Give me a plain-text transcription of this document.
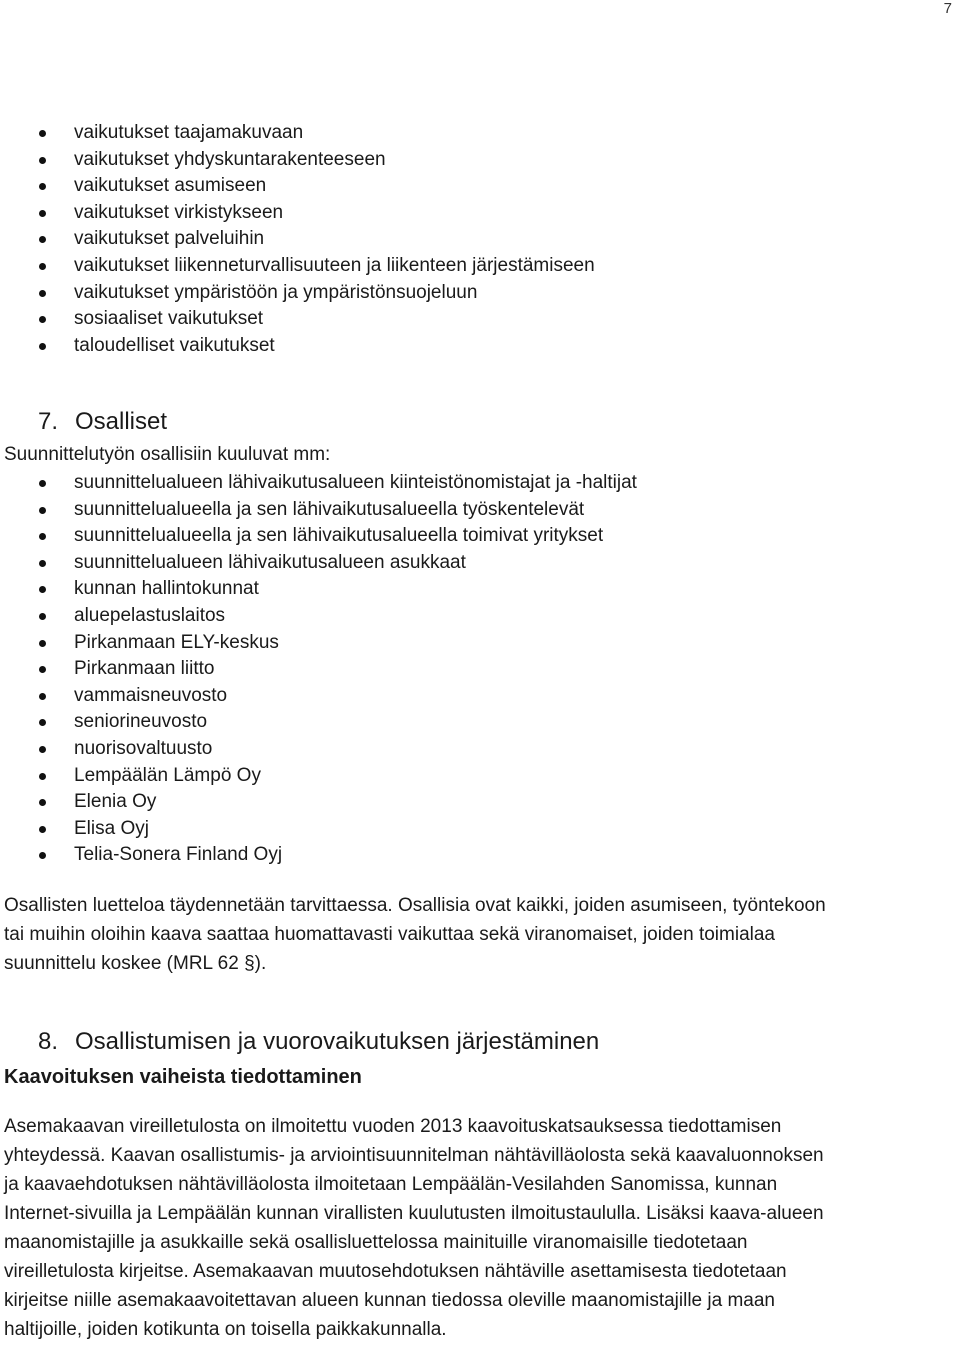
7
vaikutukset taajamakuvaan
vaikutukset yhdyskuntarakenteeseen
vaikutukset asumiseen
vaikutukset virkistykseen
vaikutukset palveluihin
vaikutukset liikenneturvallisuuteen ja liikenteen järjestämiseen
vaikutukset ympäristöön ja ympäristönsuojeluun
sosiaaliset vaikutukset
taloudelliset vaikutukset
7. Osalliset
Suunnittelutyön osallisiin kuuluvat mm:
suunnittelualueen lähivaikutusalueen kiinteistönomistajat ja -haltijat
suunnittelualueella ja sen lähivaikutusalueella työskentelevät
suunnittelualueella ja sen lähivaikutusalueella toimivat yritykset
suunnittelualueen lähivaikutusalueen asukkaat
kunnan hallintokunnat
aluepelastuslaitos
Pirkanmaan ELY-keskus
Pirkanmaan liitto
vammaisneuvosto
seniorineuvosto
nuorisovaltuusto
Lempäälän Lämpö Oy
Elenia Oy
Elisa Oyj
Telia-Sonera Finland Oyj
Osallisten luetteloa täydennetään tarvittaessa. Osallisia ovat kaikki, joiden asumiseen, työntekoon
tai muihin oloihin kaava saattaa huomattavasti vaikuttaa sekä viranomaiset, joiden toimialaa
suunnittelu koskee (MRL 62 §).
8. Osallistumisen ja vuorovaikutuksen järjestäminen
Kaavoituksen vaiheista tiedottaminen
Asemakaavan vireilletulosta on ilmoitettu vuoden 2013 kaavoituskatsauksessa tiedottamisen
yhteydessä. Kaavan osallistumis- ja arviointisuunnitelman nähtävilläolosta sekä kaavaluonnoksen
ja kaavaehdotuksen nähtävilläolosta ilmoitetaan Lempäälän-Vesilahden Sanomissa, kunnan
Internet-sivuilla ja Lempäälän kunnan virallisten kuulutusten ilmoitustaululla. Lisäksi kaava-alueen
maanomistajille ja asukkaille sekä osallisluettelossa mainituille viranomaisille tiedotetaan
vireilletulosta kirjeitse. Asemakaavan muutosehdotuksen nähtäville asettamisesta tiedotetaan
kirjeitse niille asemakaavoitettavan alueen kunnan tiedossa oleville maanomistajille ja maan
haltijoille, joiden kotikunta on toisella paikkakunnalla.
